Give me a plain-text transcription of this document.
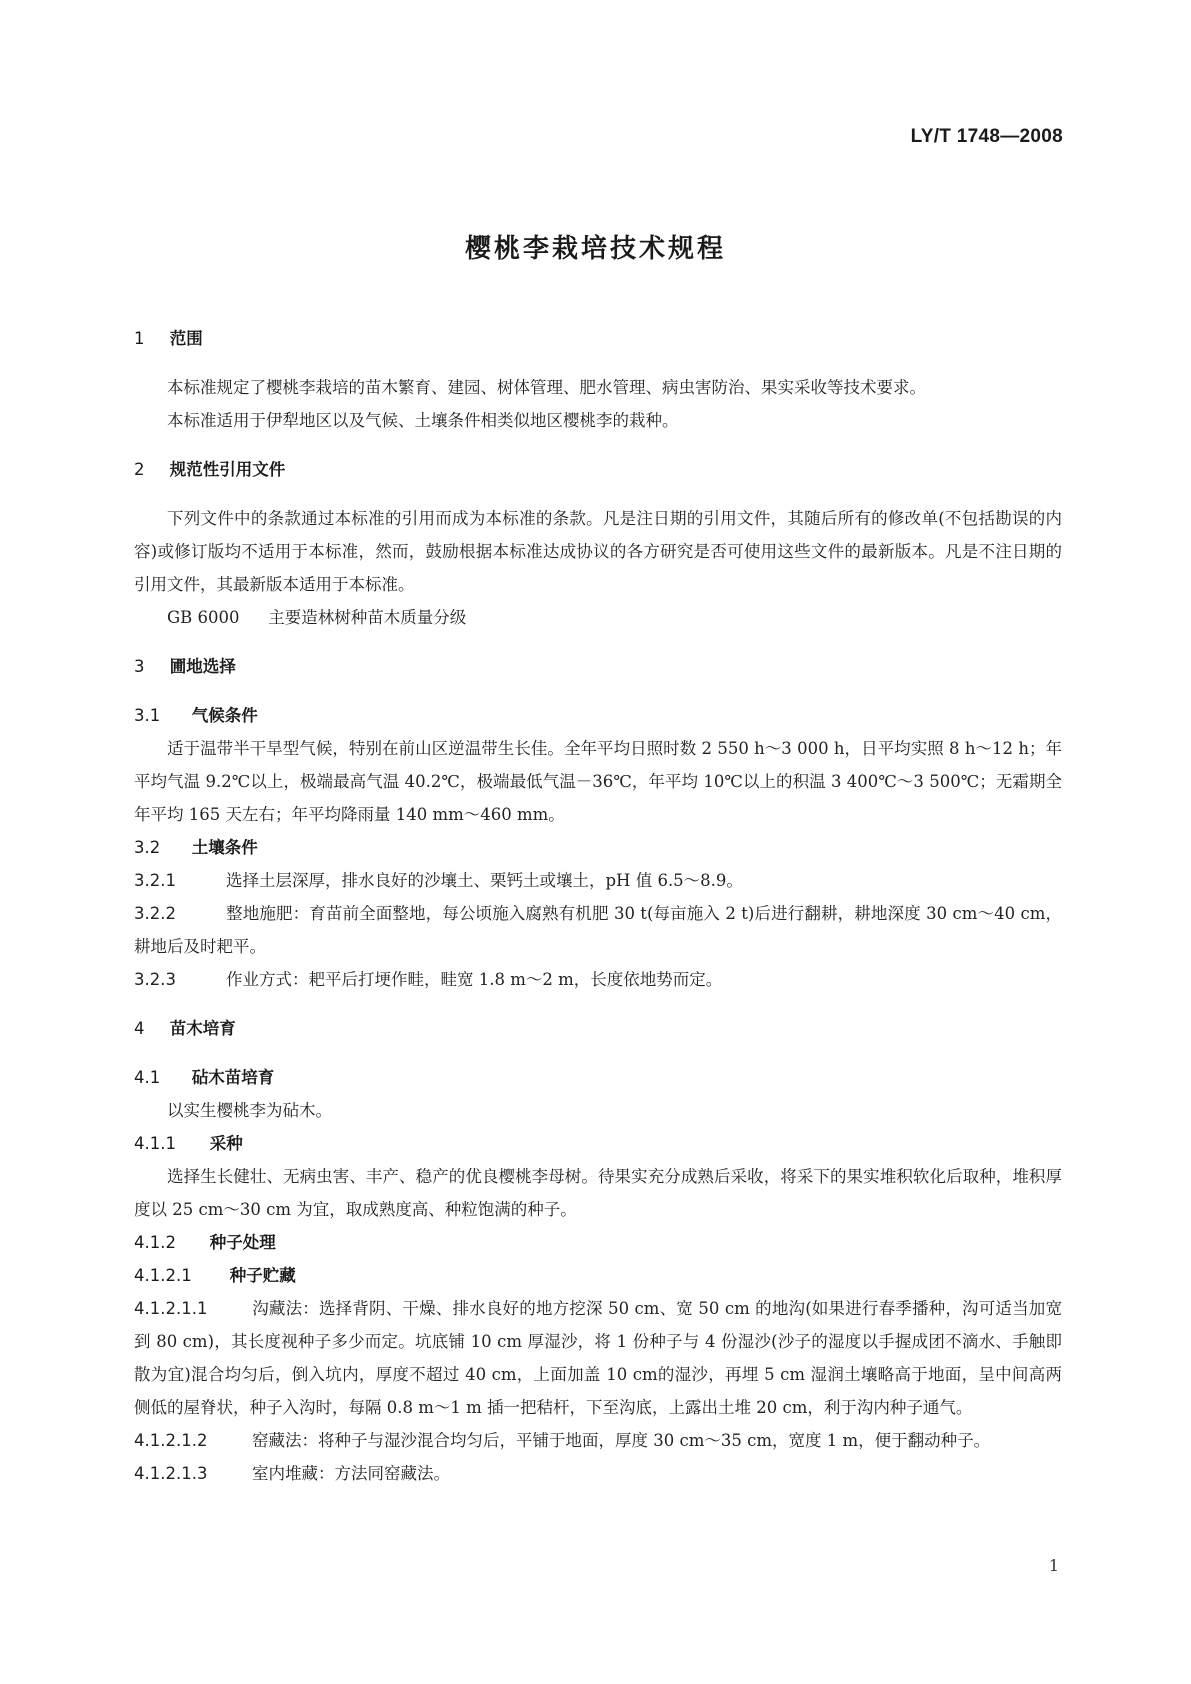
LY/T 1748—2008
樱桃李栽培技术规程
1 范围
本标准规定了樱桃李栽培的苗木繁育、建园、树体管理、肥水管理、病虫害防治、果实采收等技术要求。
本标准适用于伊犁地区以及气候、土壤条件相类似地区樱桃李的栽种。
2 规范性引用文件
下列文件中的条款通过本标准的引用而成为本标准的条款。凡是注日期的引用文件，其随后所有的修改单(不包括勘误的内容)或修订版均不适用于本标准，然而，鼓励根据本标准达成协议的各方研究是否可使用这些文件的最新版本。凡是不注日期的引用文件，其最新版本适用于本标准。
GB 6000 主要造林树种苗木质量分级
3 圃地选择
3.1 气候条件
适于温带半干旱型气候，特别在前山区逆温带生长佳。全年平均日照时数 2 550 h～3 000 h，日平均实照 8 h～12 h；年平均气温 9.2℃以上，极端最高气温 40.2℃，极端最低气温－36℃，年平均 10℃以上的积温 3 400℃～3 500℃；无霜期全年平均 165 天左右；年平均降雨量 140 mm～460 mm。
3.2 土壤条件
3.2.1	选择土层深厚，排水良好的沙壤土、栗钙土或壤土，pH 值 6.5～8.9。
3.2.2	整地施肥：育苗前全面整地，每公顷施入腐熟有机肥 30 t(每亩施入 2 t)后进行翻耕，耕地深度 30 cm～40 cm，耕地后及时耙平。
3.2.3	作业方式：耙平后打埂作畦，畦宽 1.8 m～2 m，长度依地势而定。
4 苗木培育
4.1 砧木苗培育
以实生樱桃李为砧木。
4.1.1 采种
选择生长健壮、无病虫害、丰产、稳产的优良樱桃李母树。待果实充分成熟后采收，将采下的果实堆积软化后取种，堆积厚度以 25 cm～30 cm 为宜，取成熟度高、种粒饱满的种子。
4.1.2 种子处理
4.1.2.1 种子贮藏
4.1.2.1.1	沟藏法：选择背阴、干燥、排水良好的地方挖深 50 cm、宽 50 cm 的地沟(如果进行春季播种，沟可适当加宽到 80 cm)，其长度视种子多少而定。坑底铺 10 cm 厚湿沙，将 1 份种子与 4 份湿沙(沙子的湿度以手握成团不滴水、手触即散为宜)混合均匀后，倒入坑内，厚度不超过 40 cm，上面加盖 10 cm的湿沙，再埋 5 cm 湿润土壤略高于地面，呈中间高两侧低的屋脊状，种子入沟时，每隔 0.8 m～1 m 插一把秸杆，下至沟底，上露出土堆 20 cm，利于沟内种子通气。
4.1.2.1.2	窑藏法：将种子与湿沙混合均匀后，平铺于地面，厚度 30 cm～35 cm，宽度 1 m，便于翻动种子。
4.1.2.1.3	室内堆藏：方法同窑藏法。
1
